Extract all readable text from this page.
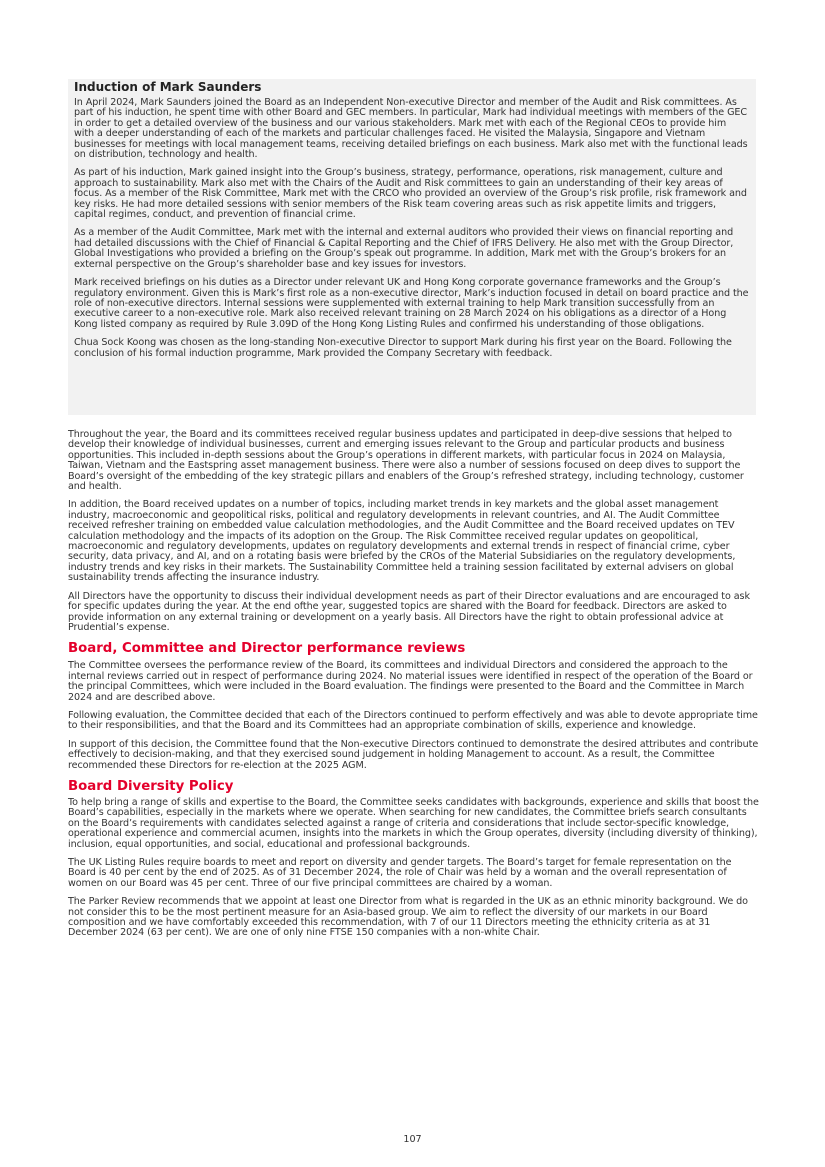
Induction of Mark Saunders

In April 2024, Mark Saunders joined the Board as an Independent Non-executive Director and member of the Audit and Risk committees. As part of his induction, he spent time with other Board and GEC members. In particular, Mark had individual meetings with members of the GEC in order to get a detailed overview of the business and our various stakeholders. Mark met with each of the Regional CEOs to provide him with a deeper understanding of each of the markets and particular challenges faced. He visited the Malaysia, Singapore and Vietnam businesses for meetings with local management teams, receiving detailed briefings on each business. Mark also met with the functional leads on distribution, technology and health.

As part of his induction, Mark gained insight into the Group’s business, strategy, performance, operations, risk management, culture and approach to sustainability. Mark also met with the Chairs of the Audit and Risk committees to gain an understanding of their key areas of focus. As a member of the Risk Committee, Mark met with the CRCO who provided an overview of the Group’s risk profile, risk framework and key risks. He had more detailed sessions with senior members of the Risk team covering areas such as risk appetite limits and triggers, capital regimes, conduct, and prevention of financial crime.

As a member of the Audit Committee, Mark met with the internal and external auditors who provided their views on financial reporting and had detailed discussions with the Chief of Financial & Capital Reporting and the Chief of IFRS Delivery. He also met with the Group Director, Global Investigations who provided a briefing on the Group’s speak out programme. In addition, Mark met with the Group’s brokers for an external perspective on the Group’s shareholder base and key issues for investors.

Mark received briefings on his duties as a Director under relevant UK and Hong Kong corporate governance frameworks and the Group’s regulatory environment. Given this is Mark’s first role as a non-executive director, Mark’s induction focused in detail on board practice and the role of non-executive directors. Internal sessions were supplemented with external training to help Mark transition successfully from an executive career to a non-executive role. Mark also received relevant training on 28 March 2024 on his obligations as a director of a Hong Kong listed company as required by Rule 3.09D of the Hong Kong Listing Rules and confirmed his understanding of those obligations.

Chua Sock Koong was chosen as the long-standing Non-executive Director to support Mark during his first year on the Board. Following the conclusion of his formal induction programme, Mark provided the Company Secretary with feedback.

Throughout the year, the Board and its committees received regular business updates and participated in deep-dive sessions that helped to develop their knowledge of individual businesses, current and emerging issues relevant to the Group and particular products and business opportunities. This included in-depth sessions about the Group’s operations in different markets, with particular focus in 2024 on Malaysia, Taiwan, Vietnam and the Eastspring asset management business. There were also a number of sessions focused on deep dives to support the Board’s oversight of the embedding of the key strategic pillars and enablers of the Group’s refreshed strategy, including technology, customer and health.

In addition, the Board received updates on a number of topics, including market trends in key markets and the global asset management industry, macroeconomic and geopolitical risks, political and regulatory developments in relevant countries, and AI. The Audit Committee received refresher training on embedded value calculation methodologies, and the Audit Committee and the Board received updates on TEV calculation methodology and the impacts of its adoption on the Group. The Risk Committee received regular updates on geopolitical, macroeconomic and regulatory developments, updates on regulatory developments and external trends in respect of financial crime, cyber security, data privacy, and AI, and on a rotating basis were briefed by the CROs of the Material Subsidiaries on the regulatory developments, industry trends and key risks in their markets. The Sustainability Committee held a training session facilitated by external advisers on global sustainability trends affecting the insurance industry.

All Directors have the opportunity to discuss their individual development needs as part of their Director evaluations and are encouraged to ask for specific updates during the year. At the end ofthe year, suggested topics are shared with the Board for feedback. Directors are asked to provide information on any external training or development on a yearly basis. All Directors have the right to obtain professional advice at Prudential’s expense.

Board, Committee and Director performance reviews

The Committee oversees the performance review of the Board, its committees and individual Directors and considered the approach to the internal reviews carried out in respect of performance during 2024. No material issues were identified in respect of the operation of the Board or the principal Committees, which were included in the Board evaluation. The findings were presented to the Board and the Committee in March 2024 and are described above.

Following evaluation, the Committee decided that each of the Directors continued to perform effectively and was able to devote appropriate time to their responsibilities, and that the Board and its Committees had an appropriate combination of skills, experience and knowledge.

In support of this decision, the Committee found that the Non-executive Directors continued to demonstrate the desired attributes and contribute effectively to decision-making, and that they exercised sound judgement in holding Management to account. As a result, the Committee recommended these Directors for re-election at the 2025 AGM.

Board Diversity Policy

To help bring a range of skills and expertise to the Board, the Committee seeks candidates with backgrounds, experience and skills that boost the Board’s capabilities, especially in the markets where we operate. When searching for new candidates, the Committee briefs search consultants on the Board’s requirements with candidates selected against a range of criteria and considerations that include sector-specific knowledge, operational experience and commercial acumen, insights into the markets in which the Group operates, diversity (including diversity of thinking), inclusion, equal opportunities, and social, educational and professional backgrounds.

The UK Listing Rules require boards to meet and report on diversity and gender targets. The Board’s target for female representation on the Board is 40 per cent by the end of 2025. As of 31 December 2024, the role of Chair was held by a woman and the overall representation of women on our Board was 45 per cent. Three of our five principal committees are chaired by a woman.

The Parker Review recommends that we appoint at least one Director from what is regarded in the UK as an ethnic minority background. We do not consider this to be the most pertinent measure for an Asia-based group. We aim to reflect the diversity of our markets in our Board composition and we have comfortably exceeded this recommendation, with 7 of our 11 Directors meeting the ethnicity criteria as at 31 December 2024 (63 per cent). We are one of only nine FTSE 150 companies with a non-white Chair.

107
